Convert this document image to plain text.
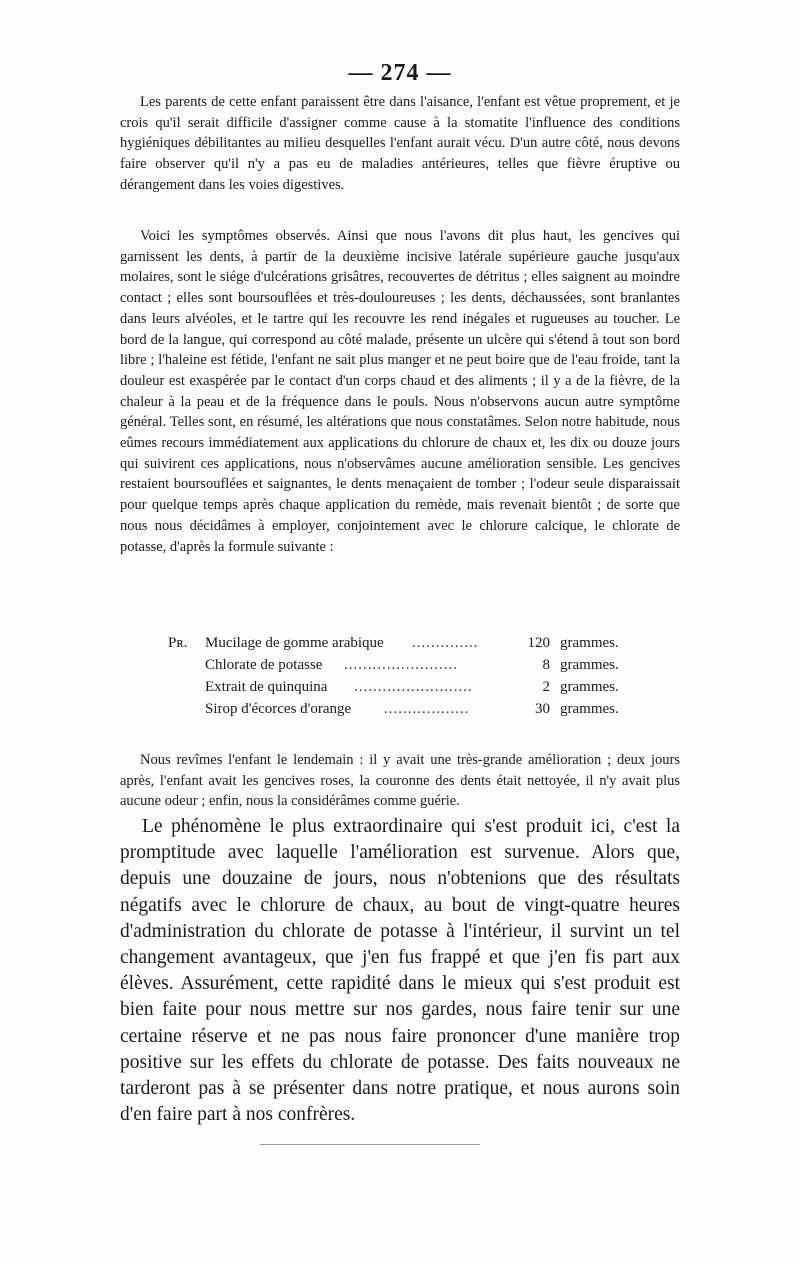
— 274 —

Les parents de cette enfant paraissent être dans l'aisance, l'enfant est vêtue proprement, et je crois qu'il serait difficile d'assigner comme cause à la stomatite l'influence des conditions hygiéniques débilitantes au milieu desquelles l'enfant aurait vécu. D'un autre côté, nous devons faire observer qu'il n'y a pas eu de maladies antérieures, telles que fièvre éruptive ou dérangement dans les voies digestives.

Voici les symptômes observés. Ainsi que nous l'avons dit plus haut, les gencives qui garnissent les dents, à partir de la deuxième incisive latérale supérieure gauche jusqu'aux molaires, sont le siége d'ulcérations grisâtres, recouvertes de détritus ; elles saignent au moindre contact ; elles sont boursouflées et très-douloureuses ; les dents, déchaussées, sont branlantes dans leurs alvéoles, et le tartre qui les recouvre les rend inégales et rugueuses au toucher. Le bord de la langue, qui correspond au côté malade, présente un ulcère qui s'étend à tout son bord libre ; l'haleine est fétide, l'enfant ne sait plus manger et ne peut boire que de l'eau froide, tant la douleur est exaspérée par le contact d'un corps chaud et des aliments ; il y a de la fièvre, de la chaleur à la peau et de la fréquence dans le pouls. Nous n'observons aucun autre symptôme général. Telles sont, en résumé, les altérations que nous constatâmes. Selon notre habitude, nous eûmes recours immédiatement aux applications du chlorure de chaux et, les dix ou douze jours qui suivirent ces applications, nous n'observâmes aucune amélioration sensible. Les gencives restaient boursouflées et saignantes, le dents menaçaient de tomber ; l'odeur seule disparaissait pour quelque temps après chaque application du remède, mais revenait bientôt ; de sorte que nous nous décidâmes à employer, conjointement avec le chlorure calcique, le chlorate de potasse, d'après la formule suivante :

Pʀ. Mucilage de gomme arabique ..............	120 grammes.
Chlorate de potasse ........................	8 grammes.
Extrait de quinquina .........................	2 grammes.
Sirop d'écorces d'orange ..................	30 grammes.

Nous revîmes l'enfant le lendemain : il y avait une très-grande amélioration ; deux jours après, l'enfant avait les gencives roses, la couronne des dents était nettoyée, il n'y avait plus aucune odeur ; enfin, nous la considérâmes comme guérie.

Le phénomène le plus extraordinaire qui s'est produit ici, c'est la promptitude avec laquelle l'amélioration est survenue. Alors que, depuis une douzaine de jours, nous n'obtenions que des résultats négatifs avec le chlorure de chaux, au bout de vingt-quatre heures d'administration du chlorate de potasse à l'intérieur, il survint un tel changement avantageux, que j'en fus frappé et que j'en fis part aux élèves. Assurément, cette rapidité dans le mieux qui s'est produit est bien faite pour nous mettre sur nos gardes, nous faire tenir sur une certaine réserve et ne pas nous faire prononcer d'une manière trop positive sur les effets du chlorate de potasse. Des faits nouveaux ne tarderont pas à se présenter dans notre pratique, et nous aurons soin d'en faire part à nos confrères.
